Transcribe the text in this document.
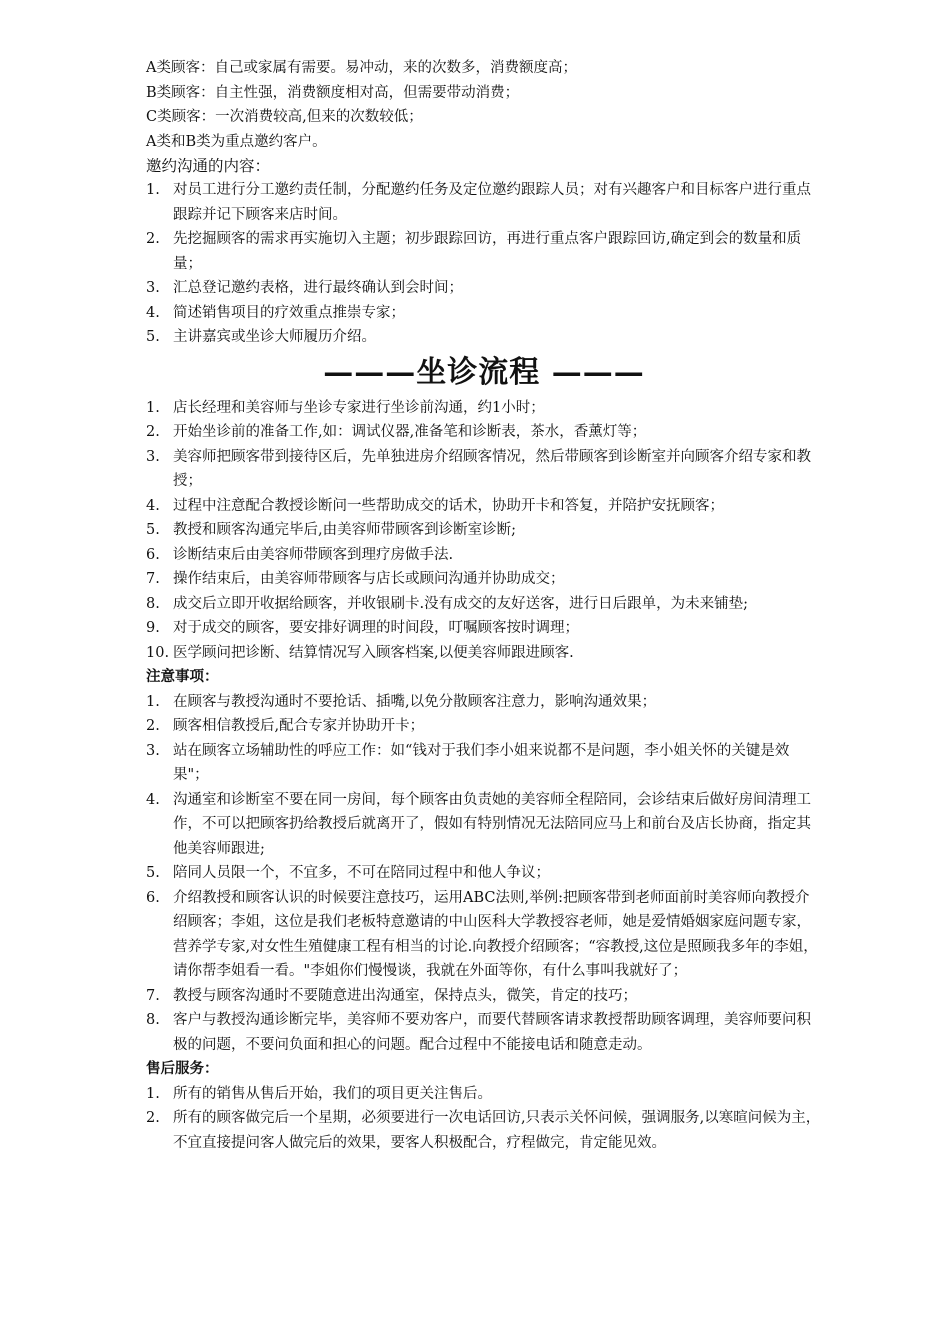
A类顾客：自己或家属有需要。易冲动，来的次数多，消费额度高；
B类顾客：自主性强，消费额度相对高，但需要带动消费；
C类顾客：一次消费较高,但来的次数较低；
A类和B类为重点邀约客户。
邀约沟通的内容：
1. 对员工进行分工邀约责任制，分配邀约任务及定位邀约跟踪人员；对有兴趣客户和目标客户进行重点跟踪并记下顾客来店时间。
2. 先挖掘顾客的需求再实施切入主题；初步跟踪回访，再进行重点客户跟踪回访,确定到会的数量和质量；
3. 汇总登记邀约表格，进行最终确认到会时间；
4. 简述销售项目的疗效重点推崇专家；
5. 主讲嘉宾或坐诊大师履历介绍。
———坐诊流程 ———
1. 店长经理和美容师与坐诊专家进行坐诊前沟通，约1小时；
2. 开始坐诊前的准备工作,如：调试仪器,准备笔和诊断表，茶水，香薰灯等；
3. 美容师把顾客带到接待区后，先单独进房介绍顾客情况，然后带顾客到诊断室并向顾客介绍专家和教授；
4. 过程中注意配合教授诊断问一些帮助成交的话术，协助开卡和答复，并陪护安抚顾客；
5. 教授和顾客沟通完毕后,由美容师带顾客到诊断室诊断;
6. 诊断结束后由美容师带顾客到理疗房做手法.
7. 操作结束后，由美容师带顾客与店长或顾问沟通并协助成交；
8. 成交后立即开收据给顾客，并收银刷卡.没有成交的友好送客，进行日后跟单，为未来铺垫;
9. 对于成交的顾客，要安排好调理的时间段，叮嘱顾客按时调理；
10. 医学顾问把诊断、结算情况写入顾客档案,以便美容师跟进顾客.
注意事项：
1. 在顾客与教授沟通时不要抢话、插嘴,以免分散顾客注意力，影响沟通效果；
2. 顾客相信教授后,配合专家并协助开卡；
3. 站在顾客立场辅助性的呼应工作：如“钱对于我们李小姐来说都不是问题，李小姐关怀的关键是效果"；
4. 沟通室和诊断室不要在同一房间，每个顾客由负责她的美容师全程陪同，会诊结束后做好房间清理工作，不可以把顾客扔给教授后就离开了，假如有特别情况无法陪同应马上和前台及店长协商，指定其他美容师跟进;
5. 陪同人员限一个，不宜多，不可在陪同过程中和他人争议；
6. 介绍教授和顾客认识的时候要注意技巧，运用ABC法则,举例:把顾客带到老师面前时美容师向教授介绍顾客；李姐，这位是我们老板特意邀请的中山医科大学教授容老师，她是爱情婚姻家庭问题专家，营养学专家,对女性生殖健康工程有相当的讨论.向教授介绍顾客；“容教授,这位是照顾我多年的李姐，请你帮李姐看一看。"李姐你们慢慢谈，我就在外面等你，有什么事叫我就好了；
7. 教授与顾客沟通时不要随意进出沟通室，保持点头，微笑，肯定的技巧；
8. 客户与教授沟通诊断完毕，美容师不要劝客户，而要代替顾客请求教授帮助顾客调理，美容师要问积极的问题，不要问负面和担心的问题。配合过程中不能接电话和随意走动。
售后服务：
1. 所有的销售从售后开始，我们的项目更关注售后。
2. 所有的顾客做完后一个星期，必须要进行一次电话回访,只表示关怀问候，强调服务,以寒暄问候为主，不宜直接提问客人做完后的效果，要客人积极配合，疗程做完，肯定能见效。
